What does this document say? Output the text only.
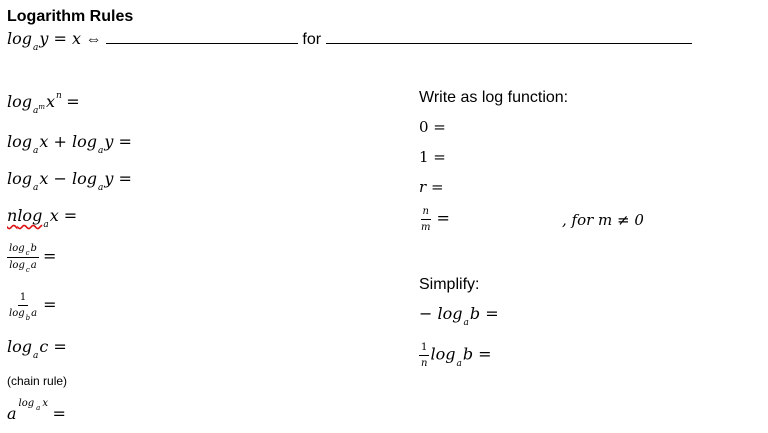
Logarithm Rules
$\log_ay = x$ ⇔	for
$\log_{a^m}x^n$ =
$\log_ax + \log_ay$ =
$\log_ax - \log_ay$ =
nlog$_a$x =
$\frac{\log_cb}{\log_ca}$ =
$\frac{1}{\log_ba}$ =
$\log_ac$ =
(chain rule)
$a^{log _a x}$ =
Write as log function:
0 =
1 =
r =
$\frac{n}{m}$ =	, for m ≠ 0
Simplify:
− $\log_ab$ =
$\frac{1}{n} \log_ab$ =
